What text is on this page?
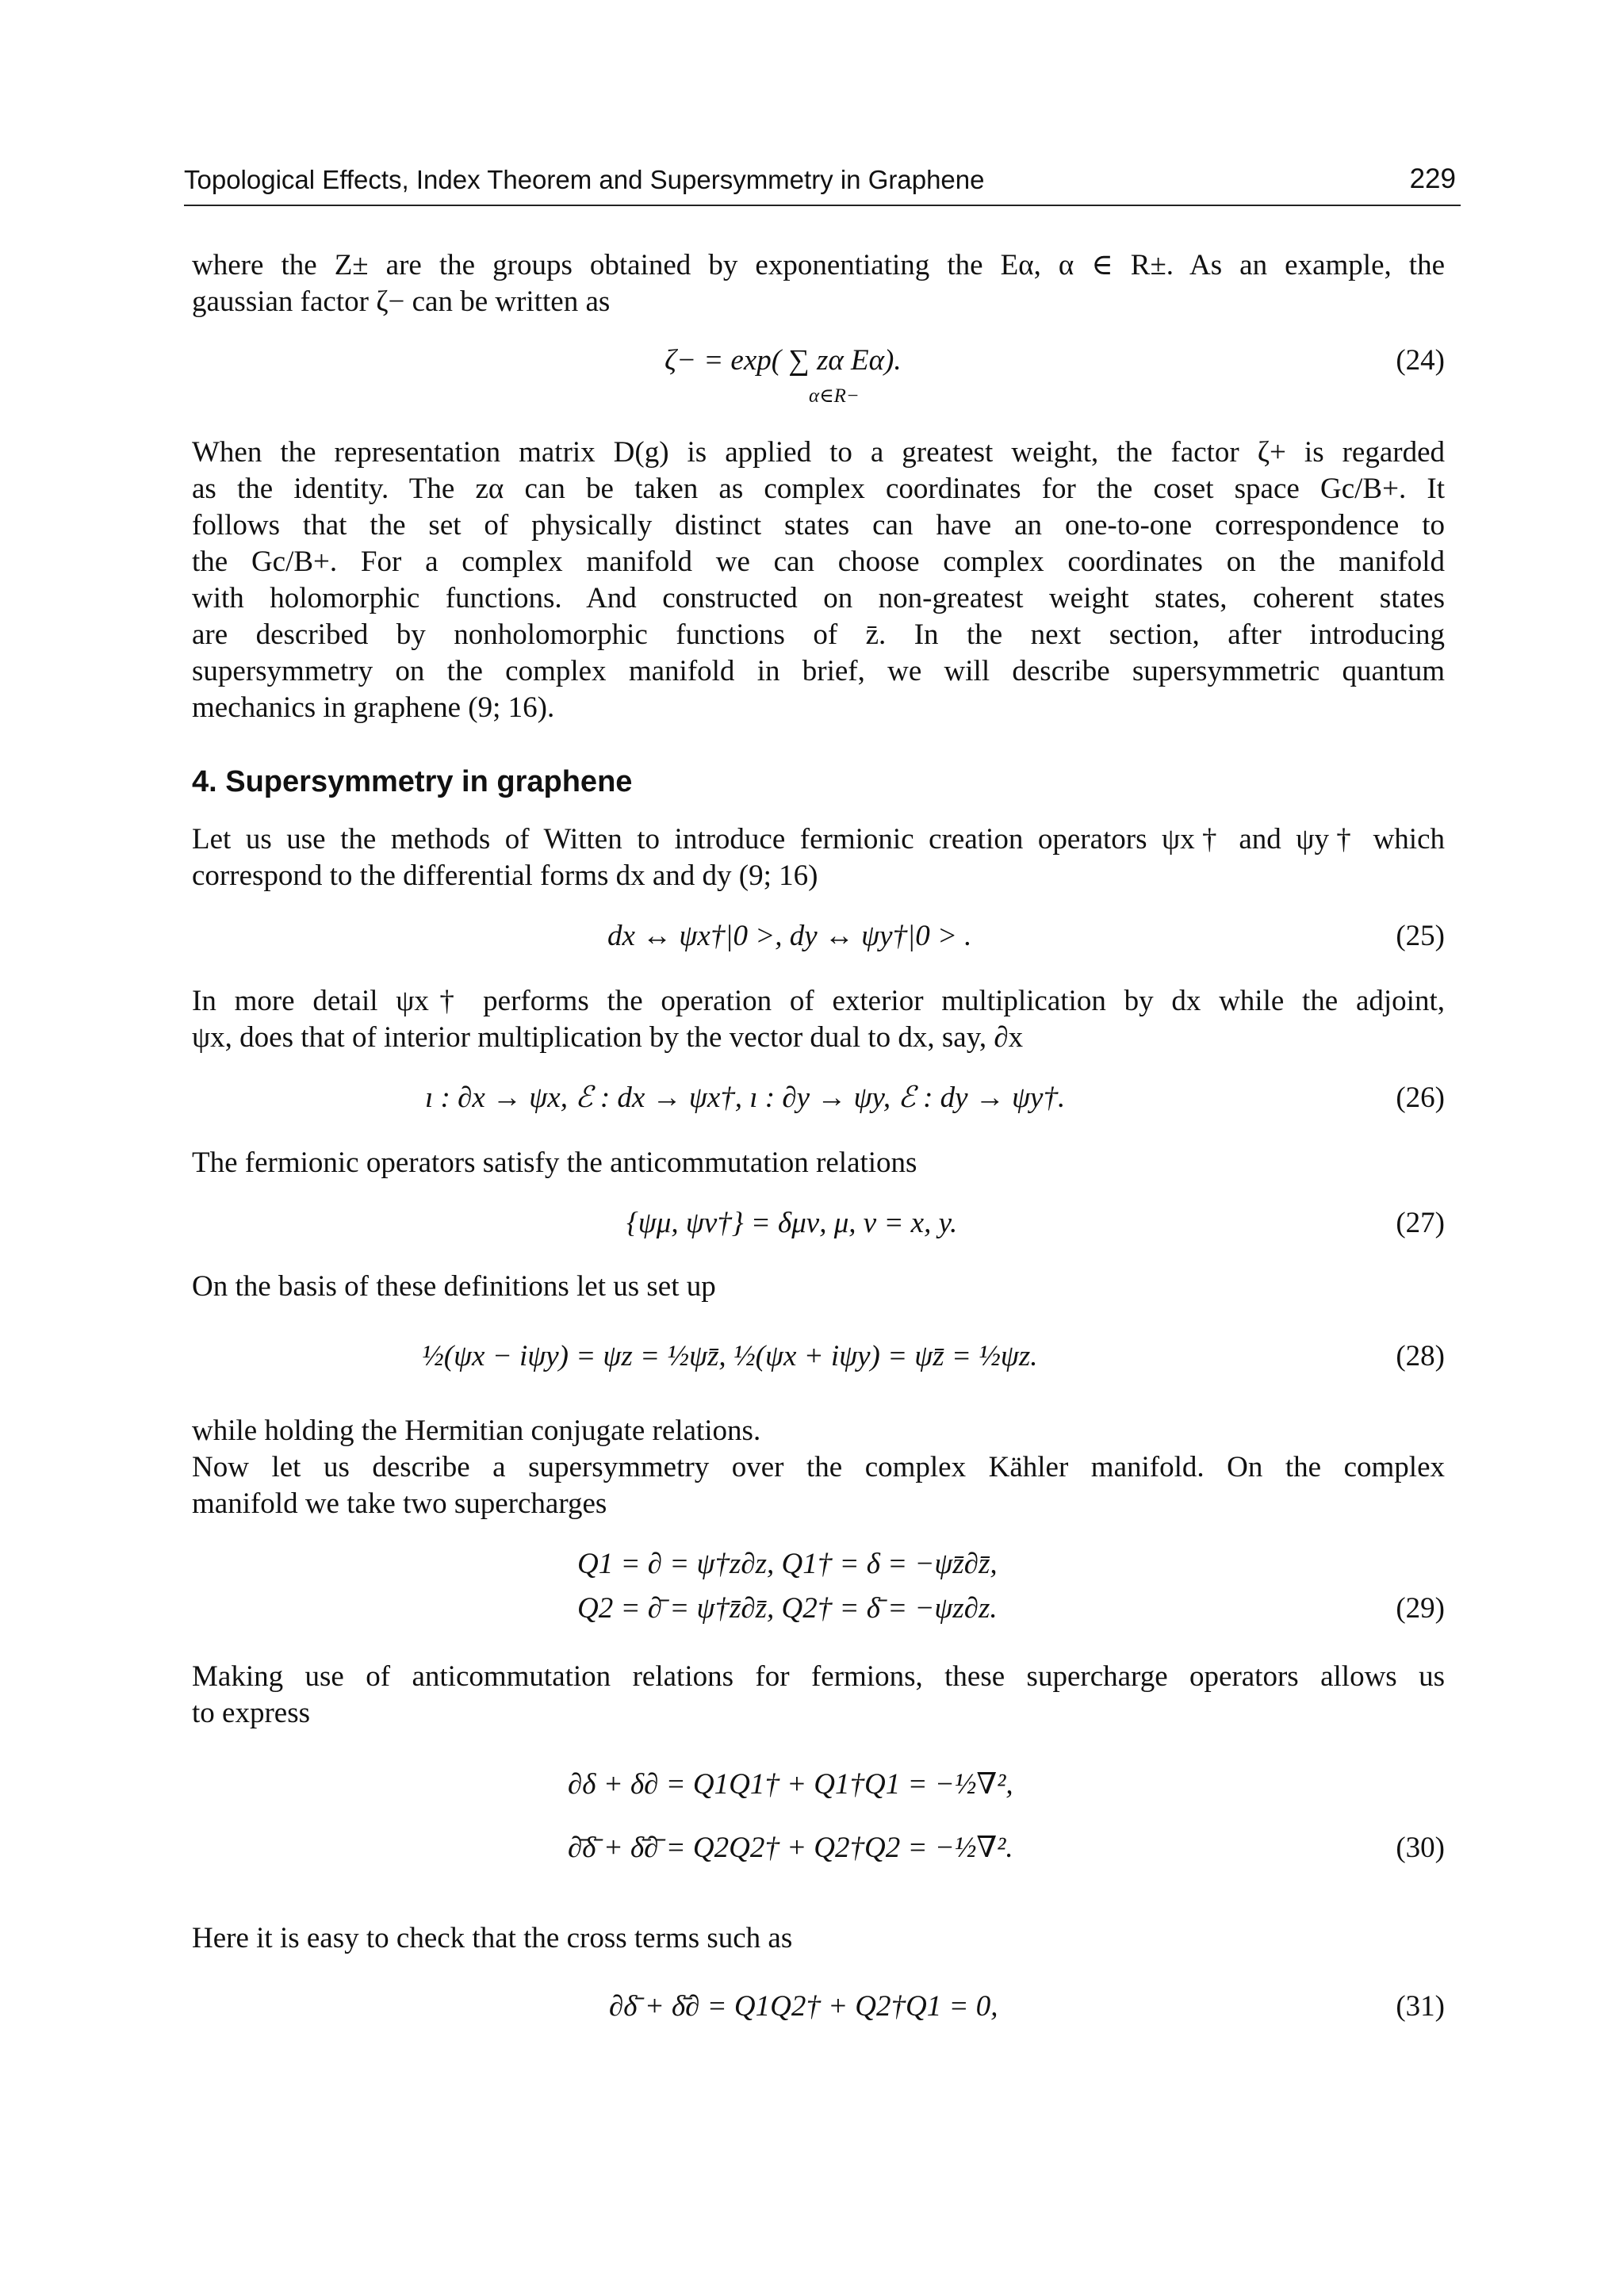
Topological Effects, Index Theorem and Supersymmetry in Graphene	229
where the Z± are the groups obtained by exponentiating the Eα, α ∈ R±. As an example, the
gaussian factor ζ− can be written as
ζ− = exp( ∑ zα Eα).	(24)
α∈R−
When the representation matrix D(g) is applied to a greatest weight, the factor ζ+ is regarded
as the identity. The zα can be taken as complex coordinates for the coset space Gc/B+. It
follows that the set of physically distinct states can have an one-to-one correspondence to
the Gc/B+. For a complex manifold we can choose complex coordinates on the manifold
with holomorphic functions. And constructed on non-greatest weight states, coherent states
are described by nonholomorphic functions of z̄. In the next section, after introducing
supersymmetry on the complex manifold in brief, we will describe supersymmetric quantum
mechanics in graphene (9; 16).
4. Supersymmetry in graphene
Let us use the methods of Witten to introduce fermionic creation operators ψx† and ψy† which
correspond to the differential forms dx and dy (9; 16)
dx ↔ ψx†|0 >, dy ↔ ψy†|0 > .	(25)
In more detail ψx† performs the operation of exterior multiplication by dx while the adjoint,
ψx, does that of interior multiplication by the vector dual to dx, say, ∂x
ı : ∂x → ψx, ℰ : dx → ψx†, ı : ∂y → ψy, ℰ : dy → ψy†.	(26)
The fermionic operators satisfy the anticommutation relations
{ψμ, ψν†} = δμν, μ, ν = x, y.	(27)
On the basis of these definitions let us set up
½(ψx − iψy) = ψz = ½ψz̄, ½(ψx + iψy) = ψz̄ = ½ψz.	(28)
while holding the Hermitian conjugate relations.
Now let us describe a supersymmetry over the complex Kähler manifold. On the complex
manifold we take two supercharges
Q1 = ∂ = ψ†z∂z, Q1† = δ = −ψz̄∂z̄,
Q2 = ∂̄ = ψ†z̄∂z̄, Q2† = δ̄ = −ψz∂z.	(29)
Making use of anticommutation relations for fermions, these supercharge operators allows us
to express
∂δ + δ∂ = Q1Q1† + Q1†Q1 = −½∇²,
∂̄δ̄ + δ̄∂̄ = Q2Q2† + Q2†Q2 = −½∇².	(30)
Here it is easy to check that the cross terms such as
∂δ̄ + δ̄∂ = Q1Q2† + Q2†Q1 = 0,	(31)
